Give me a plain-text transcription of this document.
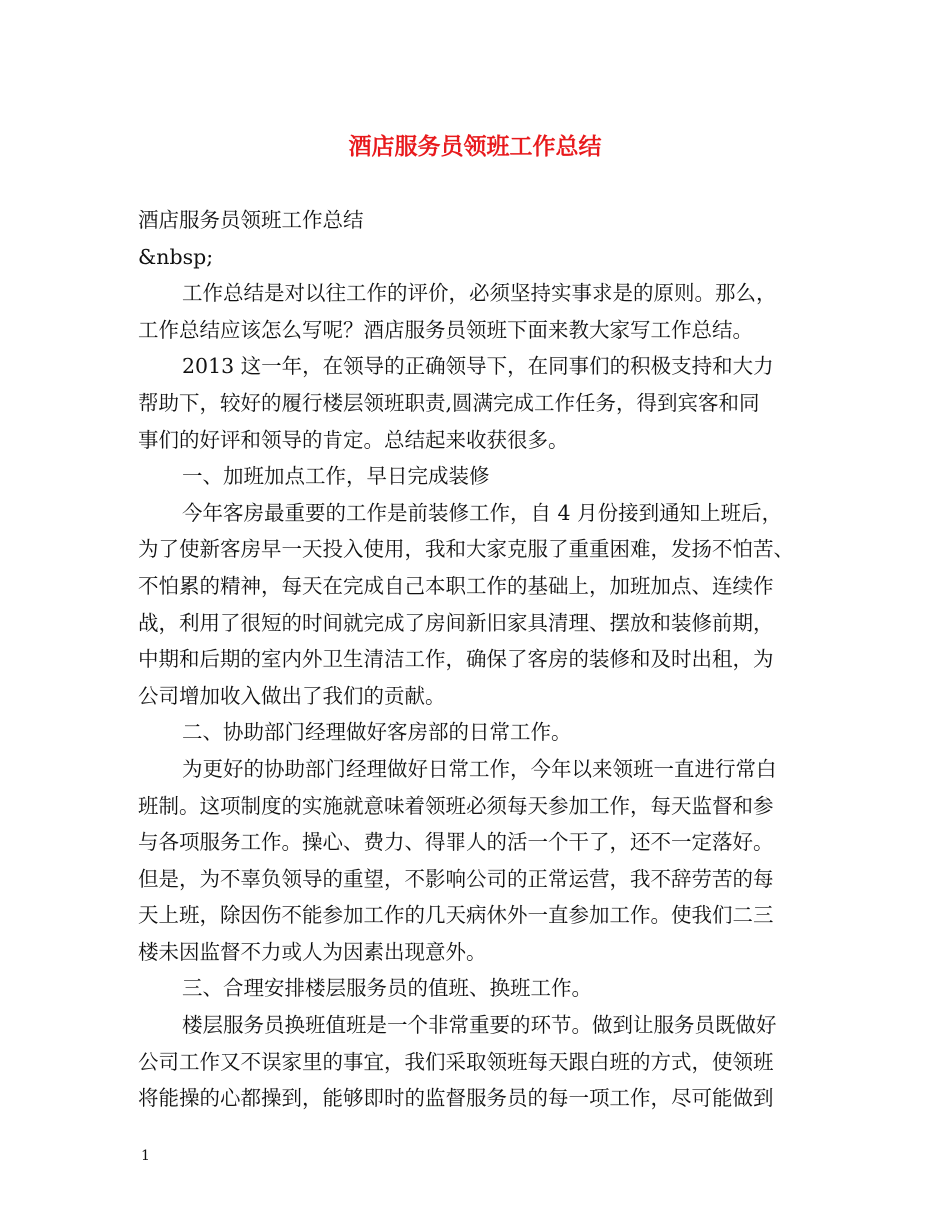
酒店服务员领班工作总结
酒店服务员领班工作总结
&nbsp;
工作总结是对以往工作的评价，必须坚持实事求是的原则。那么，
工作总结应该怎么写呢？酒店服务员领班下面来教大家写工作总结。
2013 这一年，在领导的正确领导下，在同事们的积极支持和大力
帮助下，较好的履行楼层领班职责,圆满完成工作任务，得到宾客和同
事们的好评和领导的肯定。总结起来收获很多。
一、加班加点工作，早日完成装修
今年客房最重要的工作是前装修工作，自 4 月份接到通知上班后，
为了使新客房早一天投入使用，我和大家克服了重重困难，发扬不怕苦、
不怕累的精神，每天在完成自己本职工作的基础上，加班加点、连续作
战，利用了很短的时间就完成了房间新旧家具清理、摆放和装修前期，
中期和后期的室内外卫生清洁工作，确保了客房的装修和及时出租，为
公司增加收入做出了我们的贡献。
二、协助部门经理做好客房部的日常工作。
为更好的协助部门经理做好日常工作，今年以来领班一直进行常白
班制。这项制度的实施就意味着领班必须每天参加工作，每天监督和参
与各项服务工作。操心、费力、得罪人的活一个干了，还不一定落好。
但是，为不辜负领导的重望，不影响公司的正常运营，我不辞劳苦的每
天上班，除因伤不能参加工作的几天病休外一直参加工作。使我们二三
楼未因监督不力或人为因素出现意外。
三、合理安排楼层服务员的值班、换班工作。
楼层服务员换班值班是一个非常重要的环节。做到让服务员既做好
公司工作又不误家里的事宜，我们采取领班每天跟白班的方式，使领班
将能操的心都操到，能够即时的监督服务员的每一项工作，尽可能做到
1
